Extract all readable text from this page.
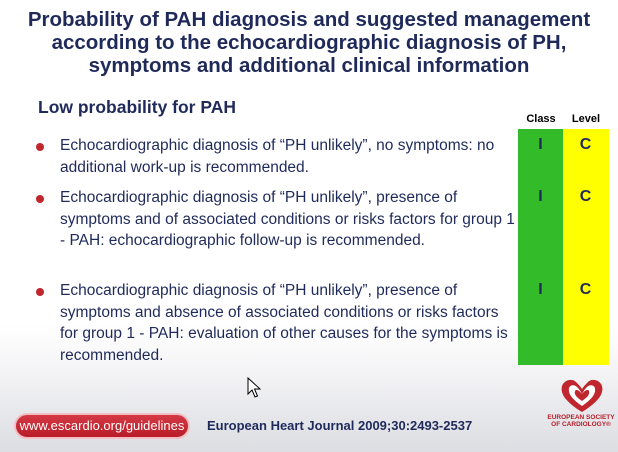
Probability of PAH diagnosis and suggested management according to the echocardiographic diagnosis of PH, symptoms and additional clinical information
Low probability for PAH
Class	Level
Echocardiographic diagnosis of “PH unlikely”, no symptoms: no additional work-up is recommended.
I	C
Echocardiographic diagnosis of “PH unlikely”, presence of symptoms and of associated conditions or risks factors for group 1 - PAH: echocardiographic follow-up is recommended.
I	C
Echocardiographic diagnosis of “PH unlikely”, presence of symptoms and absence of associated conditions or risks factors for group 1 - PAH: evaluation of other causes for the symptoms is recommended.
I	C
www.escardio.org/guidelines	European Heart Journal 2009;30:2493-2537
EUROPEAN SOCIETY OF CARDIOLOGY®
